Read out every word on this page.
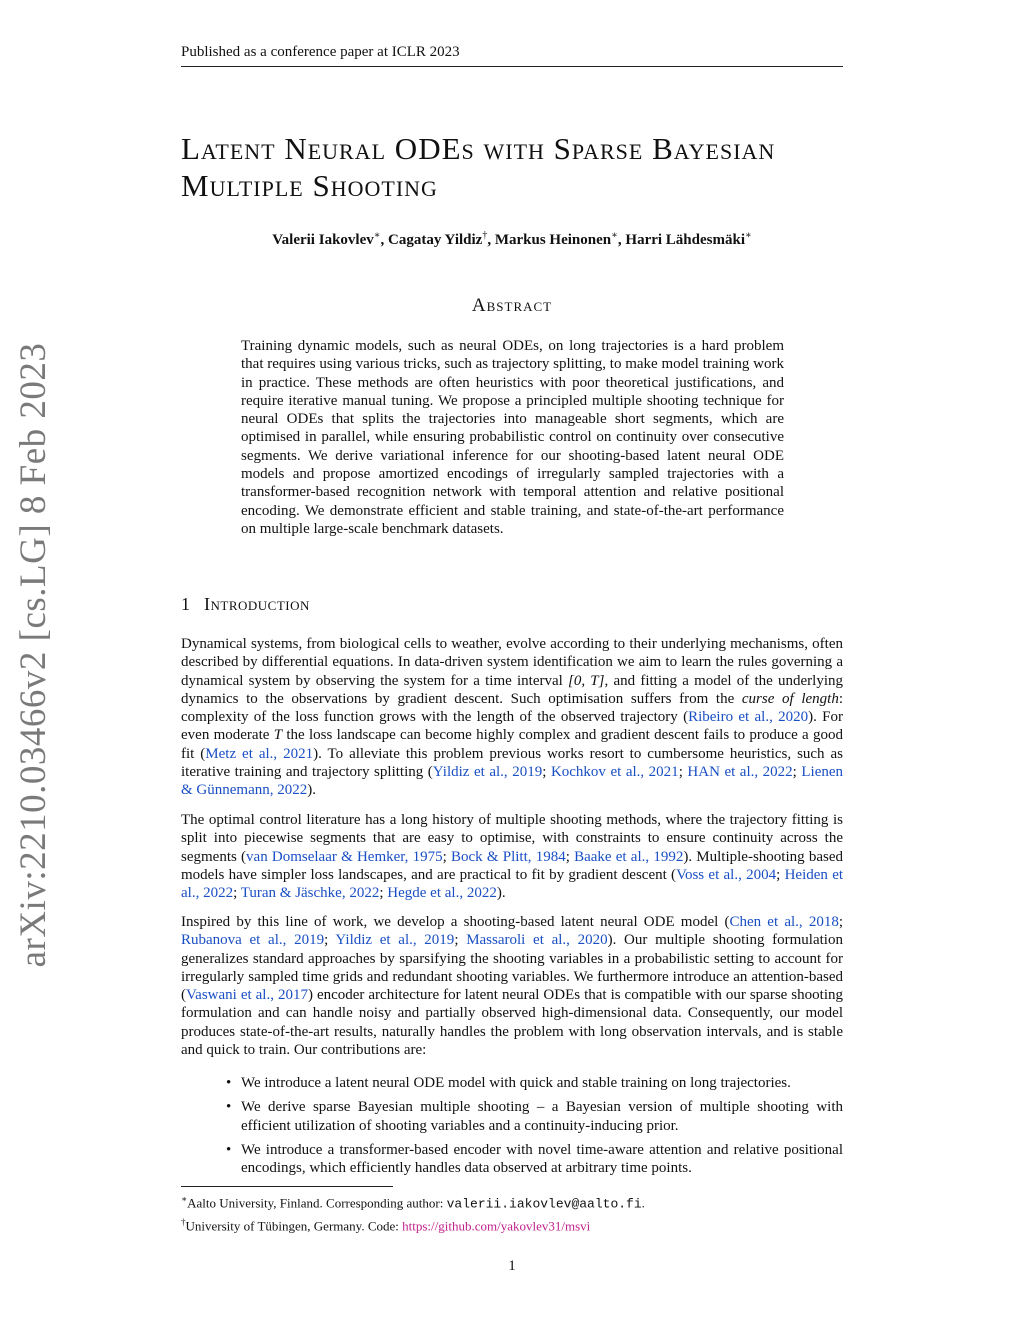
Published as a conference paper at ICLR 2023
arXiv:2210.03466v2 [cs.LG] 8 Feb 2023
Latent Neural ODEs with Sparse Bayesian
Multiple Shooting
Valerii Iakovlev∗, Cagatay Yildiz†, Markus Heinonen∗, Harri Lähdesmäki∗
Abstract
Training dynamic models, such as neural ODEs, on long trajectories is a hard problem that requires using various tricks, such as trajectory splitting, to make model training work in practice. These methods are often heuristics with poor theoretical justifications, and require iterative manual tuning. We propose a principled multiple shooting technique for neural ODEs that splits the trajectories into manageable short segments, which are optimised in parallel, while ensuring probabilistic control on continuity over consecutive segments. We derive variational inference for our shooting-based latent neural ODE models and propose amortized encodings of irregularly sampled trajectories with a transformer-based recognition network with temporal attention and relative positional encoding. We demonstrate efficient and stable training, and state-of-the-art performance on multiple large-scale benchmark datasets.
1 Introduction
Dynamical systems, from biological cells to weather, evolve according to their underlying mechanisms, often described by differential equations. In data-driven system identification we aim to learn the rules governing a dynamical system by observing the system for a time interval [0, T], and fitting a model of the underlying dynamics to the observations by gradient descent. Such optimisation suffers from the curse of length: complexity of the loss function grows with the length of the observed trajectory (Ribeiro et al., 2020). For even moderate T the loss landscape can become highly complex and gradient descent fails to produce a good fit (Metz et al., 2021). To alleviate this problem previous works resort to cumbersome heuristics, such as iterative training and trajectory splitting (Yildiz et al., 2019; Kochkov et al., 2021; HAN et al., 2022; Lienen & Günnemann, 2022).
The optimal control literature has a long history of multiple shooting methods, where the trajectory fitting is split into piecewise segments that are easy to optimise, with constraints to ensure continuity across the segments (van Domselaar & Hemker, 1975; Bock & Plitt, 1984; Baake et al., 1992). Multiple-shooting based models have simpler loss landscapes, and are practical to fit by gradient descent (Voss et al., 2004; Heiden et al., 2022; Turan & Jäschke, 2022; Hegde et al., 2022).
Inspired by this line of work, we develop a shooting-based latent neural ODE model (Chen et al., 2018; Rubanova et al., 2019; Yildiz et al., 2019; Massaroli et al., 2020). Our multiple shooting formulation generalizes standard approaches by sparsifying the shooting variables in a probabilistic setting to account for irregularly sampled time grids and redundant shooting variables. We furthermore introduce an attention-based (Vaswani et al., 2017) encoder architecture for latent neural ODEs that is compatible with our sparse shooting formulation and can handle noisy and partially observed high-dimensional data. Consequently, our model produces state-of-the-art results, naturally handles the problem with long observation intervals, and is stable and quick to train. Our contributions are:
• We introduce a latent neural ODE model with quick and stable training on long trajectories.
• We derive sparse Bayesian multiple shooting – a Bayesian version of multiple shooting with efficient utilization of shooting variables and a continuity-inducing prior.
• We introduce a transformer-based encoder with novel time-aware attention and relative positional encodings, which efficiently handles data observed at arbitrary time points.
∗Aalto University, Finland. Corresponding author: valerii.iakovlev@aalto.fi.
†University of Tübingen, Germany. Code: https://github.com/yakovlev31/msvi
1
